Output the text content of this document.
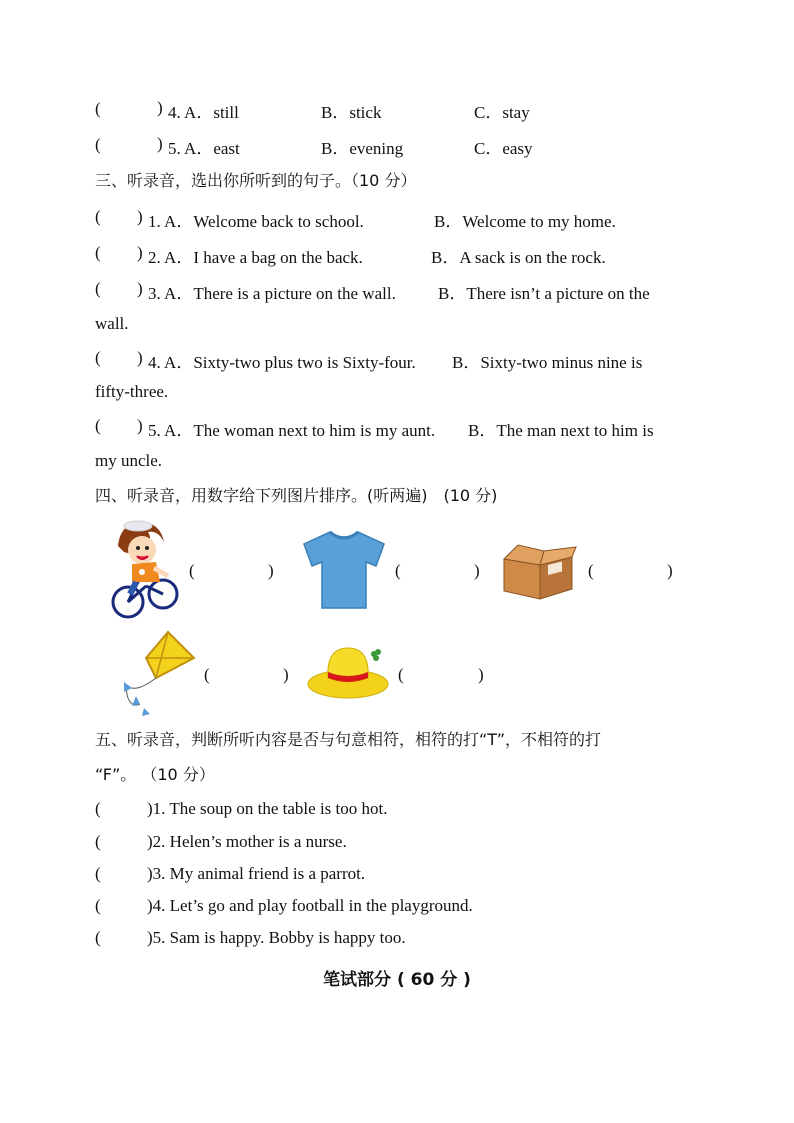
(	) 4. A．still	B．stick	C．stay
(	) 5. A．east	B．evening	C．easy
三、听录音，选出你所听到的句子。（10 分）
( ) 1. A．Welcome back to school.	B．Welcome to my home.
( ) 2. A．I have a bag on the back.	B．A sack is on the rock.
( ) 3. A．There is a picture on the wall. B．There isn’t a picture on the
wall.
( ) 4. A．Sixty-two plus two is Sixty-four. B．Sixty-two minus nine is
fifty-three.
( ) 5. A．The woman next to him is my aunt. B．The man next to him is
my uncle.
四、听录音，用数字给下列图片排序。(听两遍)　(10 分)
(	)	(	)	(	)
(	)	(	)
五、听录音，判断所听内容是否与句意相符，相符的打“T”，不相符的打
“F”。 （10 分）
(	)1. The soup on the table is too hot.
(	)2. Helen’s mother is a nurse.
(	)3. My animal friend is a parrot.
(	)4. Let’s go and play football in the playground.
(	)5. Sam is happy. Bobby is happy too.
笔试部分 ( 60 分 )
